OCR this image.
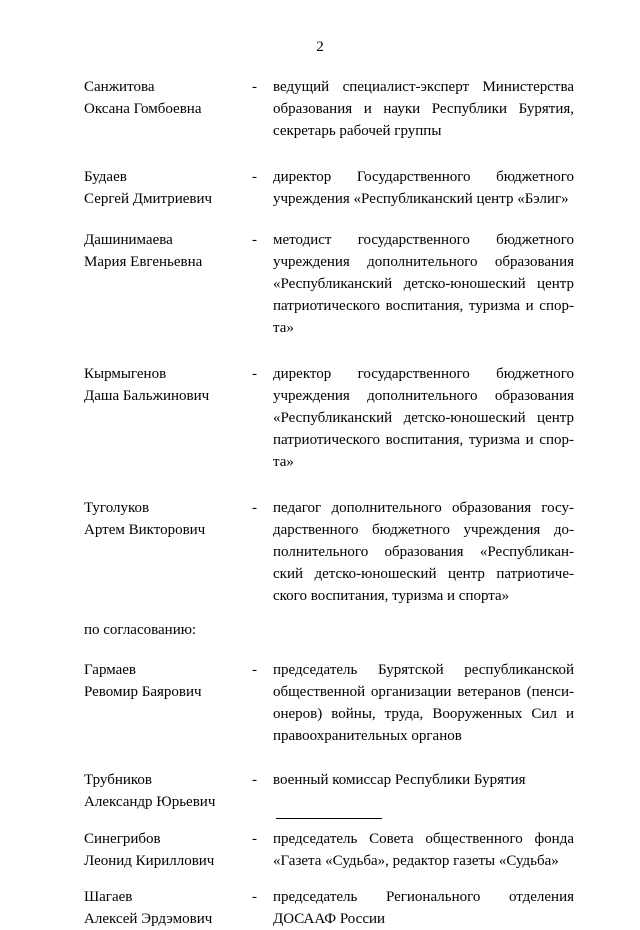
2
Санжитова
Оксана Гомбоевна
-	ведущий специалист-эксперт Министерства
образования и науки Республики Бурятия,
секретарь рабочей группы
Будаев
Сергей Дмитриевич
-	директор Государственного бюджетного
учреждения «Республиканский центр «Бэлиг»
Дашинимаева
Мария Евгеньевна
-	методист государственного бюджетного
учреждения дополнительного образования
«Республиканский детско-юношеский центр
патриотического воспитания, туризма и спор-
та»
Кырмыгенов
Даша Бальжинович
-	директор государственного бюджетного
учреждения дополнительного образования
«Республиканский детско-юношеский центр
патриотического воспитания, туризма и спор-
та»
Туголуков
Артем Викторович
-	педагог дополнительного образования госу-
дарственного бюджетного учреждения до-
полнительного образования «Республикан-
ский детско-юношеский центр патриотиче-
ского воспитания, туризма и спорта»
по согласованию:
Гармаев
Ревомир Баярович
-	председатель Бурятской республиканской
общественной организации ветеранов (пенси-
онеров) войны, труда, Вооруженных Сил и
правоохранительных органов
Трубников
Александр Юрьевич
-	военный комиссар Республики Бурятия
Синегрибов
Леонид Кириллович
-	председатель Совета общественного фонда
«Газета «Судьба», редактор газеты «Судьба»
Шагаев
Алексей Эрдэмович
-	председатель Регионального отделения
ДОСААФ России
